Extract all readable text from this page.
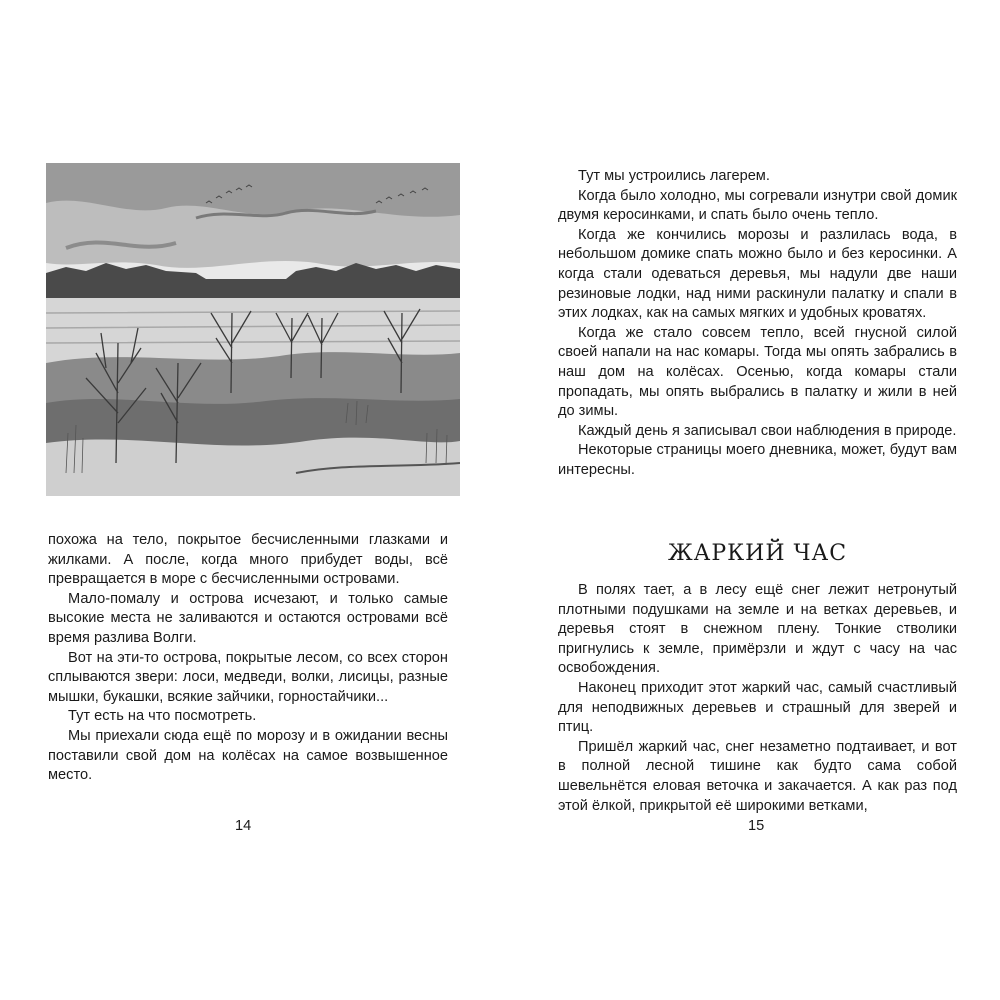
похожа на тело, покрытое бесчисленными глазками и жилками. А после, когда много прибудет воды, всё превращается в море с бесчисленными островами.

Мало-помалу и острова исчезают, и только самые высокие места не заливаются и остаются островами всё время разлива Волги.

Вот на эти-то острова, покрытые лесом, со всех сторон сплываются звери: лоси, медведи, волки, лисицы, разные мышки, букашки, всякие зайчики, горностайчики...

Тут есть на что посмотреть.

Мы приехали сюда ещё по морозу и в ожидании весны поставили свой дом на колёсах на самое возвышенное место.

14

Тут мы устроились лагерем.

Когда было холодно, мы согревали изнутри свой домик двумя керосинками, и спать было очень тепло.

Когда же кончились морозы и разлилась вода, в небольшом домике спать можно было и без керосинки. А когда стали одеваться деревья, мы надули две наши резиновые лодки, над ними раскинули палатку и спали в этих лодках, как на самых мягких и удобных кроватях.

Когда же стало совсем тепло, всей гнусной силой своей напали на нас комары. Тогда мы опять забрались в наш дом на колёсах. Осенью, когда комары стали пропадать, мы опять выбрались в палатку и жили в ней до зимы.

Каждый день я записывал свои наблюдения в природе.

Некоторые страницы моего дневника, может, будут вам интересны.

ЖАРКИЙ ЧАС

В полях тает, а в лесу ещё снег лежит нетронутый плотными подушками на земле и на ветках деревьев, и деревья стоят в снежном плену. Тонкие стволики пригнулись к земле, примёрзли и ждут с часу на час освобождения.

Наконец приходит этот жаркий час, самый счастливый для неподвижных деревьев и страшный для зверей и птиц.

Пришёл жаркий час, снег незаметно подтаивает, и вот в полной лесной тишине как будто сама собой шевельнётся еловая веточка и закачается. А как раз под этой ёлкой, прикрытой её широкими ветками,

15
